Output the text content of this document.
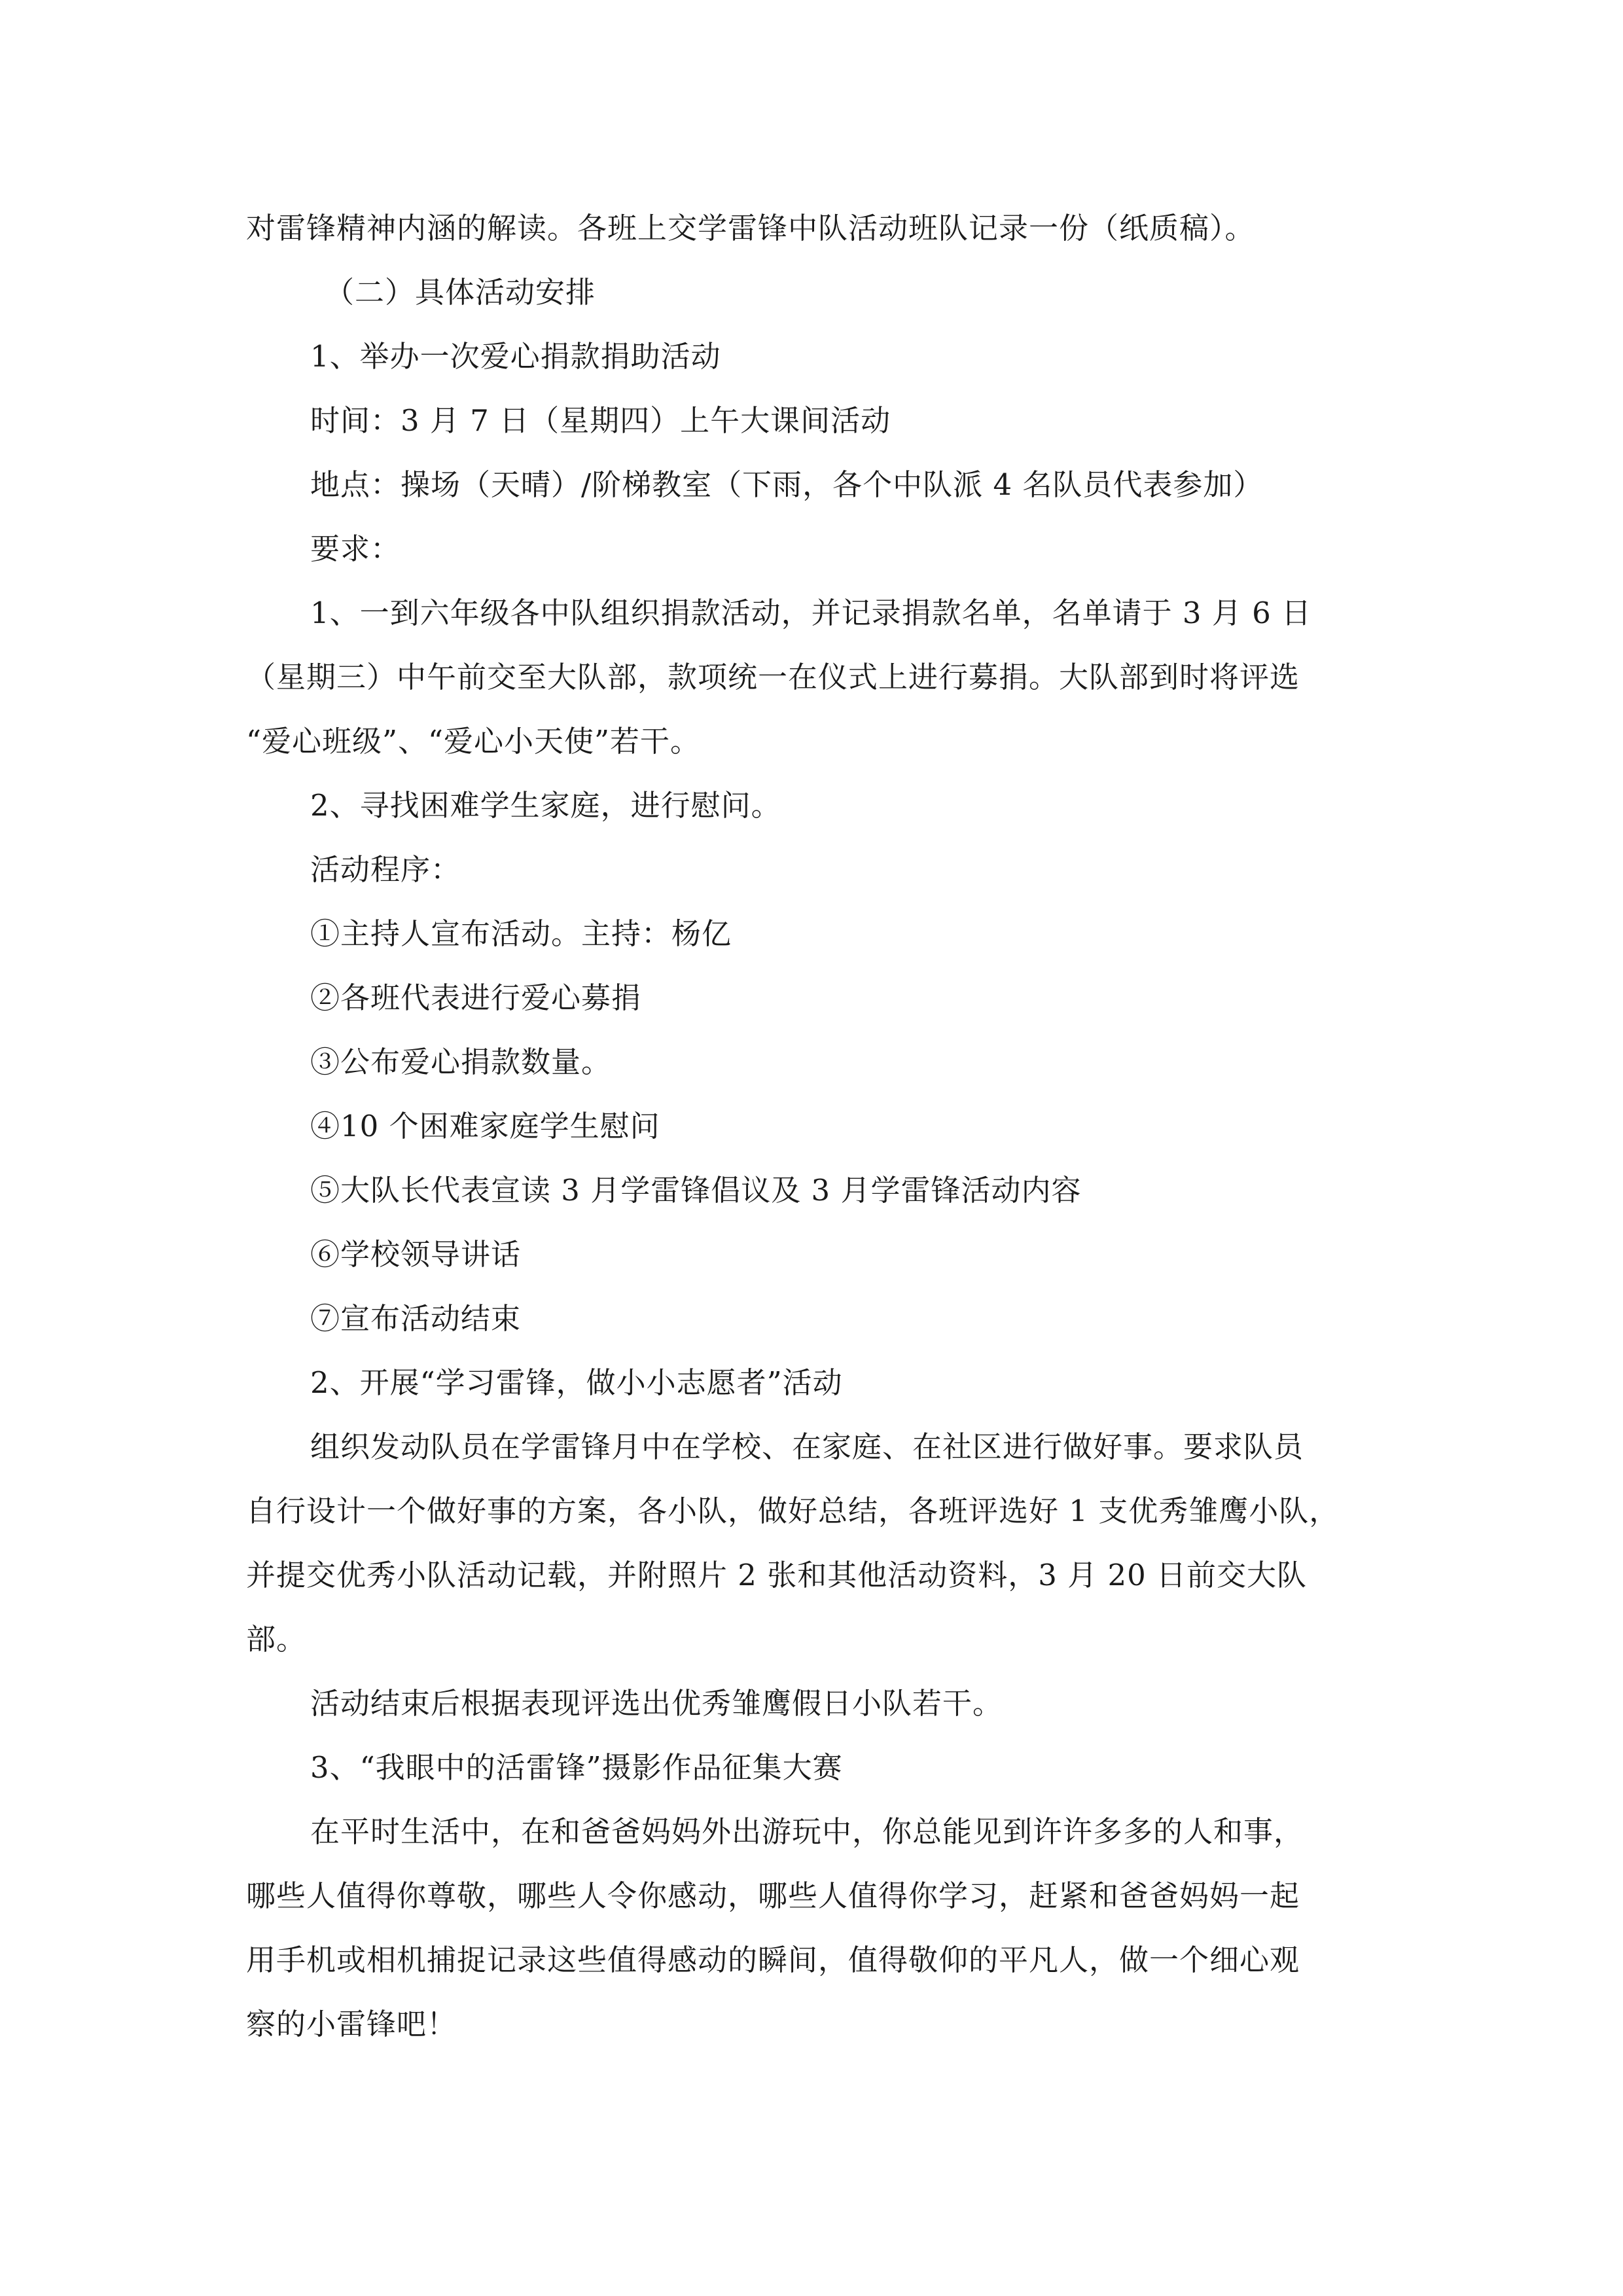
对雷锋精神内涵的解读。各班上交学雷锋中队活动班队记录一份（纸质稿）。
（二）具体活动安排
1、举办一次爱心捐款捐助活动
时间：3 月 7 日（星期四）上午大课间活动
地点：操场（天晴）/阶梯教室（下雨，各个中队派 4 名队员代表参加）
要求：
1、一到六年级各中队组织捐款活动，并记录捐款名单，名单请于 3 月 6 日
（星期三）中午前交至大队部，款项统一在仪式上进行募捐。大队部到时将评选
“爱心班级”、“爱心小天使”若干。
2、寻找困难学生家庭，进行慰问。
活动程序：
①主持人宣布活动。主持：杨亿
②各班代表进行爱心募捐
③公布爱心捐款数量。
④10 个困难家庭学生慰问
⑤大队长代表宣读 3 月学雷锋倡议及 3 月学雷锋活动内容
⑥学校领导讲话
⑦宣布活动结束
2、开展“学习雷锋，做小小志愿者”活动
组织发动队员在学雷锋月中在学校、在家庭、在社区进行做好事。要求队员
自行设计一个做好事的方案，各小队，做好总结，各班评选好 1 支优秀雏鹰小队，
并提交优秀小队活动记载，并附照片 2 张和其他活动资料，3 月 20 日前交大队
部。
活动结束后根据表现评选出优秀雏鹰假日小队若干。
3、“我眼中的活雷锋”摄影作品征集大赛
在平时生活中，在和爸爸妈妈外出游玩中，你总能见到许许多多的人和事，
哪些人值得你尊敬，哪些人令你感动，哪些人值得你学习，赶紧和爸爸妈妈一起
用手机或相机捕捉记录这些值得感动的瞬间，值得敬仰的平凡人，做一个细心观
察的小雷锋吧！
